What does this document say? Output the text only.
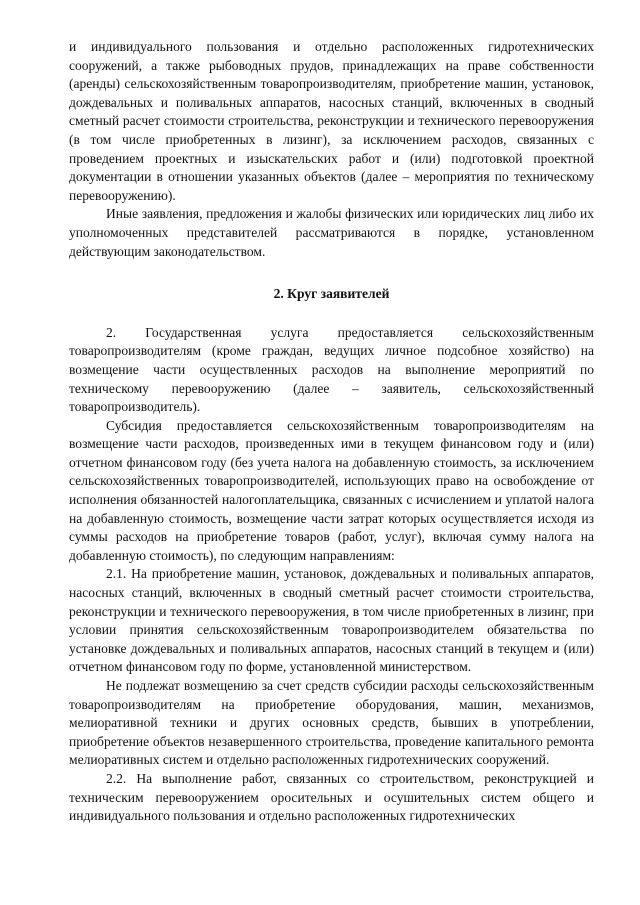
и индивидуального пользования и отдельно расположенных гидротехнических сооружений, а также рыбоводных прудов, принадлежащих на праве собственности (аренды) сельскохозяйственным товаропроизводителям, приобретение машин, установок, дождевальных и поливальных аппаратов, насосных станций, включенных в сводный сметный расчет стоимости строительства, реконструкции и технического перевооружения (в том числе приобретенных в лизинг), за исключением расходов, связанных с проведением проектных и изыскательских работ и (или) подготовкой проектной документации в отношении указанных объектов (далее – мероприятия по техническому перевооружению).

Иные заявления, предложения и жалобы физических или юридических лиц либо их уполномоченных представителей рассматриваются в порядке, установленном действующим законодательством.

2. Круг заявителей

2. Государственная услуга предоставляется сельскохозяйственным товаропроизводителям (кроме граждан, ведущих личное подсобное хозяйство) на возмещение части осуществленных расходов на выполнение мероприятий по техническому перевооружению (далее – заявитель, сельскохозяйственный товаропроизводитель).

Субсидия предоставляется сельскохозяйственным товаропроизводителям на возмещение части расходов, произведенных ими в текущем финансовом году и (или) отчетном финансовом году (без учета налога на добавленную стоимость, за исключением сельскохозяйственных товаропроизводителей, использующих право на освобождение от исполнения обязанностей налогоплательщика, связанных с исчислением и уплатой налога на добавленную стоимость, возмещение части затрат которых осуществляется исходя из суммы расходов на приобретение товаров (работ, услуг), включая сумму налога на добавленную стоимость), по следующим направлениям:

2.1. На приобретение машин, установок, дождевальных и поливальных аппаратов, насосных станций, включенных в сводный сметный расчет стоимости строительства, реконструкции и технического перевооружения, в том числе приобретенных в лизинг, при условии принятия сельскохозяйственным товаропроизводителем обязательства по установке дождевальных и поливальных аппаратов, насосных станций в текущем и (или) отчетном финансовом году по форме, установленной министерством.

Не подлежат возмещению за счет средств субсидии расходы сельскохозяйственным товаропроизводителям на приобретение оборудования, машин, механизмов, мелиоративной техники и других основных средств, бывших в употреблении, приобретение объектов незавершенного строительства, проведение капитального ремонта мелиоративных систем и отдельно расположенных гидротехнических сооружений.

2.2. На выполнение работ, связанных со строительством, реконструкцией и техническим перевооружением оросительных и осушительных систем общего и индивидуального пользования и отдельно расположенных гидротехнических
